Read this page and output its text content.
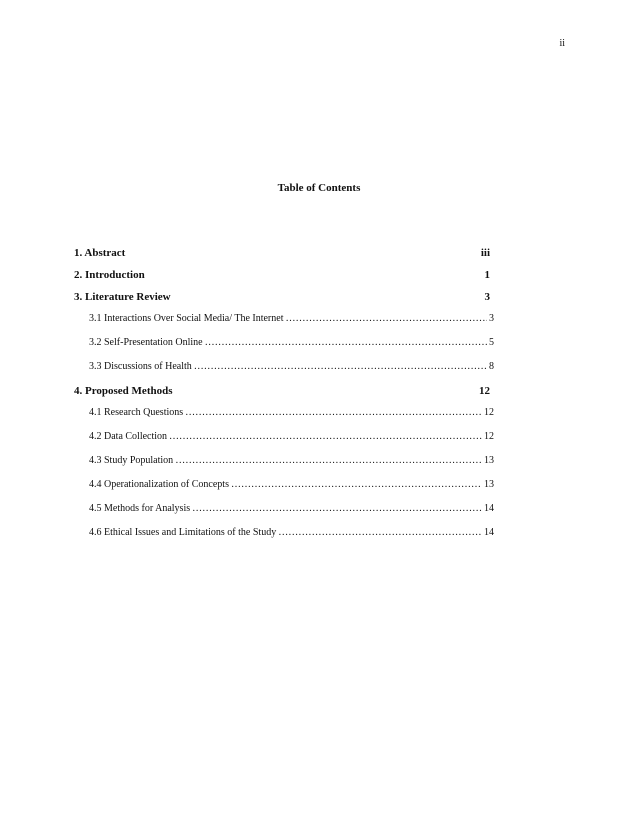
ii
Table of Contents
1. Abstract	iii
2. Introduction	1
3. Literature Review	3
3.1 Interactions Over Social Media/ The Internet ……………………………………………………………………………………………………………………………………………………………………	3
3.2 Self-Presentation Online ……………………………………………………………………………………………………………………………………………………………………	5
3.3 Discussions of Health ……………………………………………………………………………………………………………………………………………………………………	8
4. Proposed Methods	12
4.1 Research Questions ……………………………………………………………………………………………………………………………………………………………………	12
4.2 Data Collection ……………………………………………………………………………………………………………………………………………………………………	12
4.3 Study Population ……………………………………………………………………………………………………………………………………………………………………	13
4.4 Operationalization of Concepts ……………………………………………………………………………………………………………………………………………………………………	13
4.5 Methods for Analysis ……………………………………………………………………………………………………………………………………………………………………	14
4.6 Ethical Issues and Limitations of the Study ……………………………………………………………………………………………………………………………………………………………………	14
